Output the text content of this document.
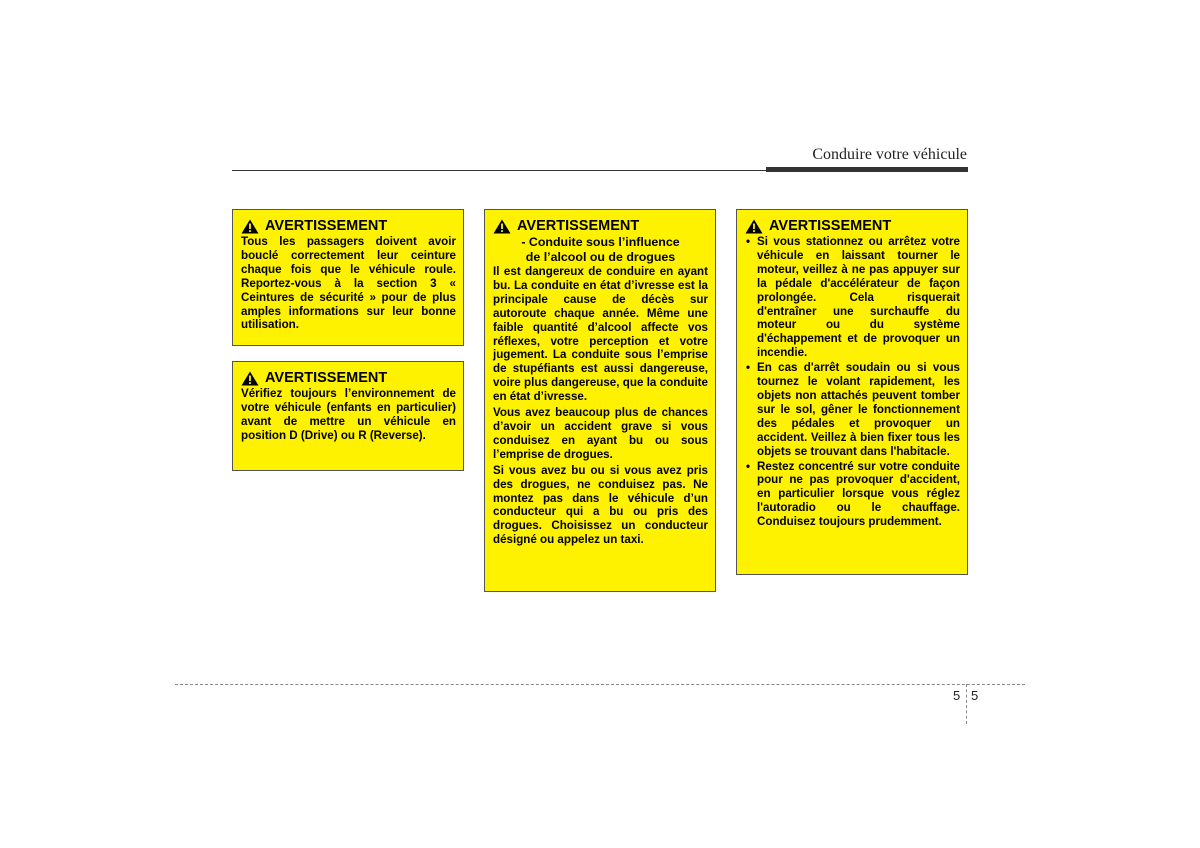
Conduire votre véhicule
AVERTISSEMENT
Tous les passagers doivent avoir bouclé correctement leur ceinture chaque fois que le véhicule roule. Reportez-vous à la section 3 « Ceintures de sécurité » pour de plus amples informations sur leur bonne utilisation.
AVERTISSEMENT
Vérifiez toujours l’environnement de votre véhicule (enfants en particulier) avant de mettre un véhicule en position D (Drive) ou R (Reverse).
AVERTISSEMENT
- Conduite sous l’influence
de l’alcool ou de drogues

Il est dangereux de conduire en ayant bu. La conduite en état d’ivresse est la principale cause de décès sur autoroute chaque année. Même une faible quantité d’alcool affecte vos réflexes, votre perception et votre jugement. La conduite sous l’emprise de stupéfiants est aussi dangereuse, voire plus dangereuse, que la conduite en état d’ivresse.

Vous avez beaucoup plus de chances d’avoir un accident grave si vous conduisez en ayant bu ou sous l’emprise de drogues.

Si vous avez bu ou si vous avez pris des drogues, ne conduisez pas. Ne montez pas dans le véhicule d’un conducteur qui a bu ou pris des drogues. Choisissez un conducteur désigné ou appelez un taxi.

AVERTISSEMENT
• Si vous stationnez ou arrêtez votre véhicule en laissant tourner le moteur, veillez à ne pas appuyer sur la pédale d'accélérateur de façon prolongée. Cela risquerait d'entraîner une surchauffe du moteur ou du système d'échappement et de provoquer un incendie.
• En cas d'arrêt soudain ou si vous tournez le volant rapidement, les objets non attachés peuvent tomber sur le sol, gêner le fonctionnement des pédales et provoquer un accident. Veillez à bien fixer tous les objets se trouvant dans l'habitacle.
• Restez concentré sur votre conduite pour ne pas provoquer d'accident, en particulier lorsque vous réglez l'autoradio ou le chauffage. Conduisez toujours prudemment.
5 5
